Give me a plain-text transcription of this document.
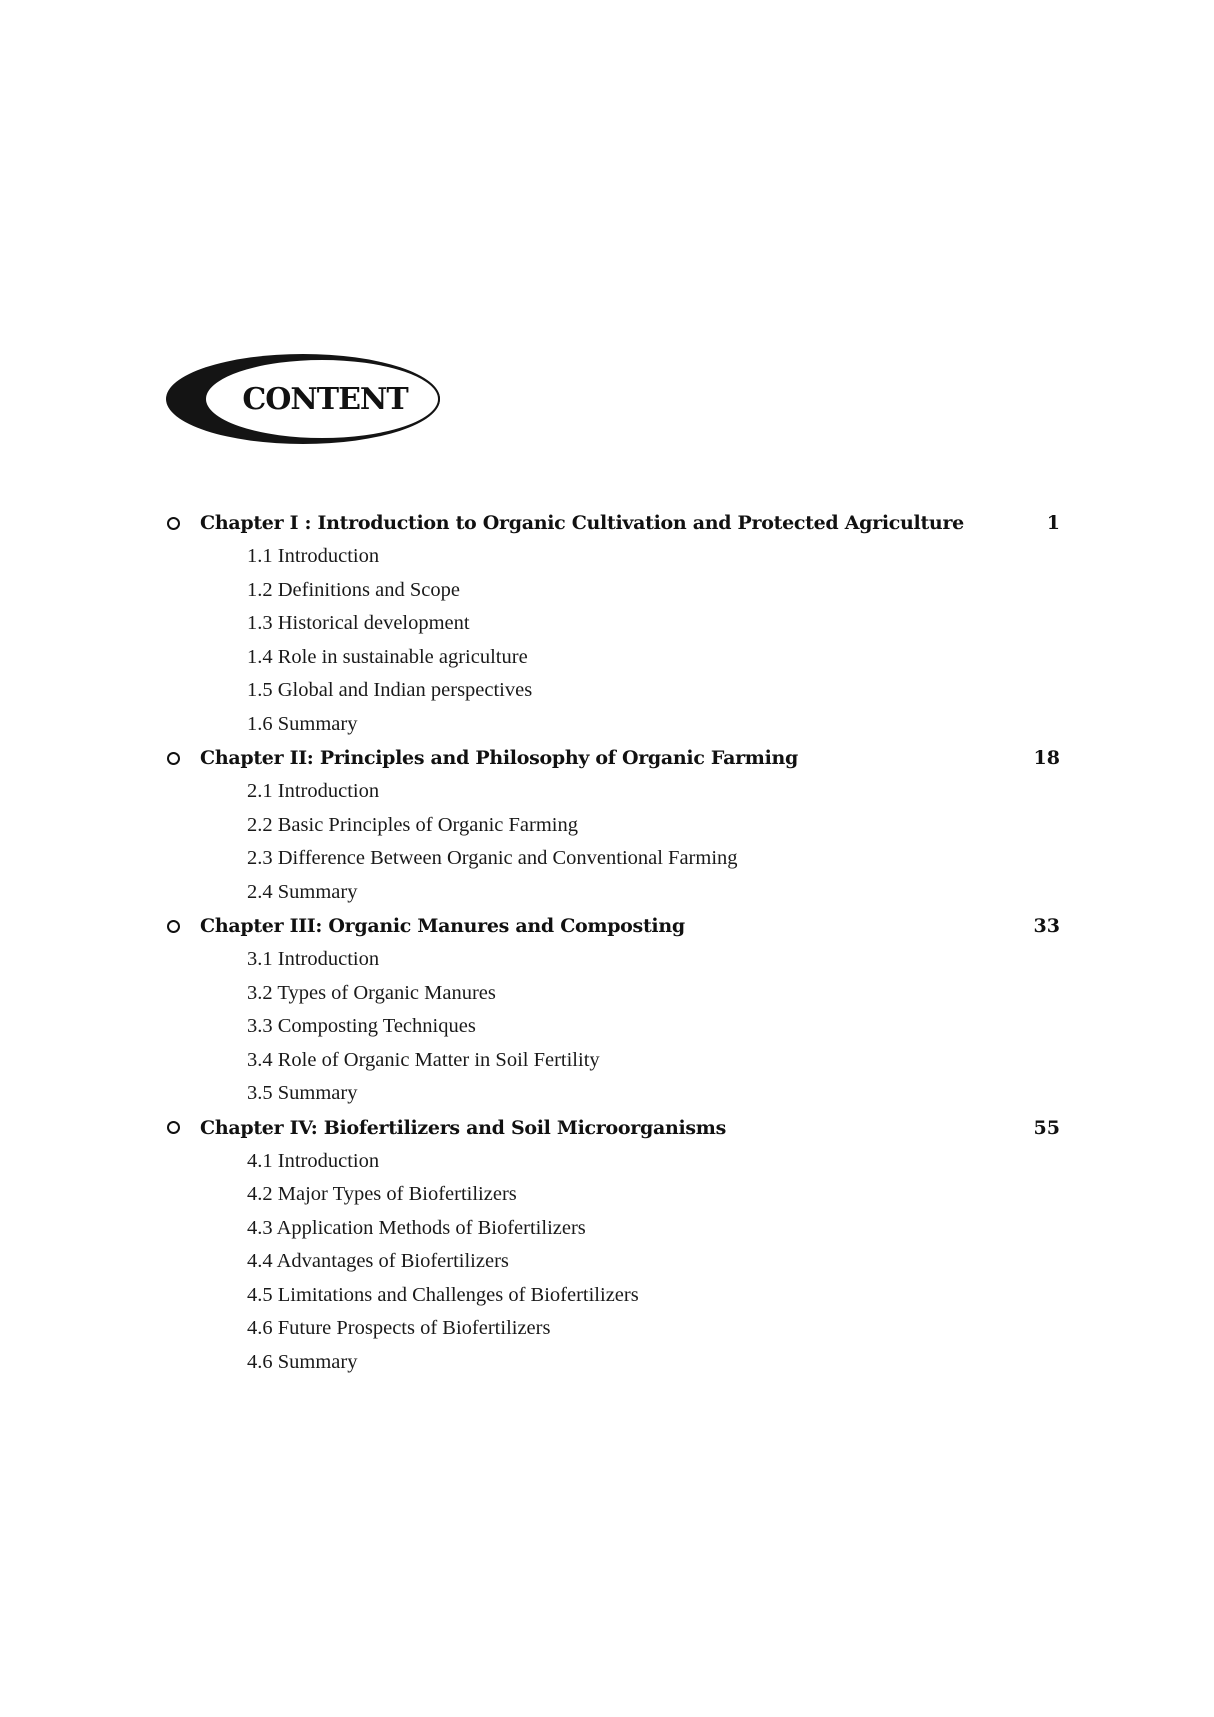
CONTENT
Chapter I : Introduction to Organic Cultivation and Protected Agriculture	1
1.1 Introduction
1.2 Definitions and Scope
1.3 Historical development
1.4 Role in sustainable agriculture
1.5 Global and Indian perspectives
1.6 Summary
Chapter II: Principles and Philosophy of Organic Farming	18
2.1 Introduction
2.2 Basic Principles of Organic Farming
2.3 Difference Between Organic and Conventional Farming
2.4 Summary
Chapter III: Organic Manures and Composting	33
3.1 Introduction
3.2 Types of Organic Manures
3.3 Composting Techniques
3.4 Role of Organic Matter in Soil Fertility
3.5 Summary
Chapter IV: Biofertilizers and Soil Microorganisms	55
4.1 Introduction
4.2 Major Types of Biofertilizers
4.3 Application Methods of Biofertilizers
4.4 Advantages of Biofertilizers
4.5 Limitations and Challenges of Biofertilizers
4.6 Future Prospects of Biofertilizers
4.6 Summary
